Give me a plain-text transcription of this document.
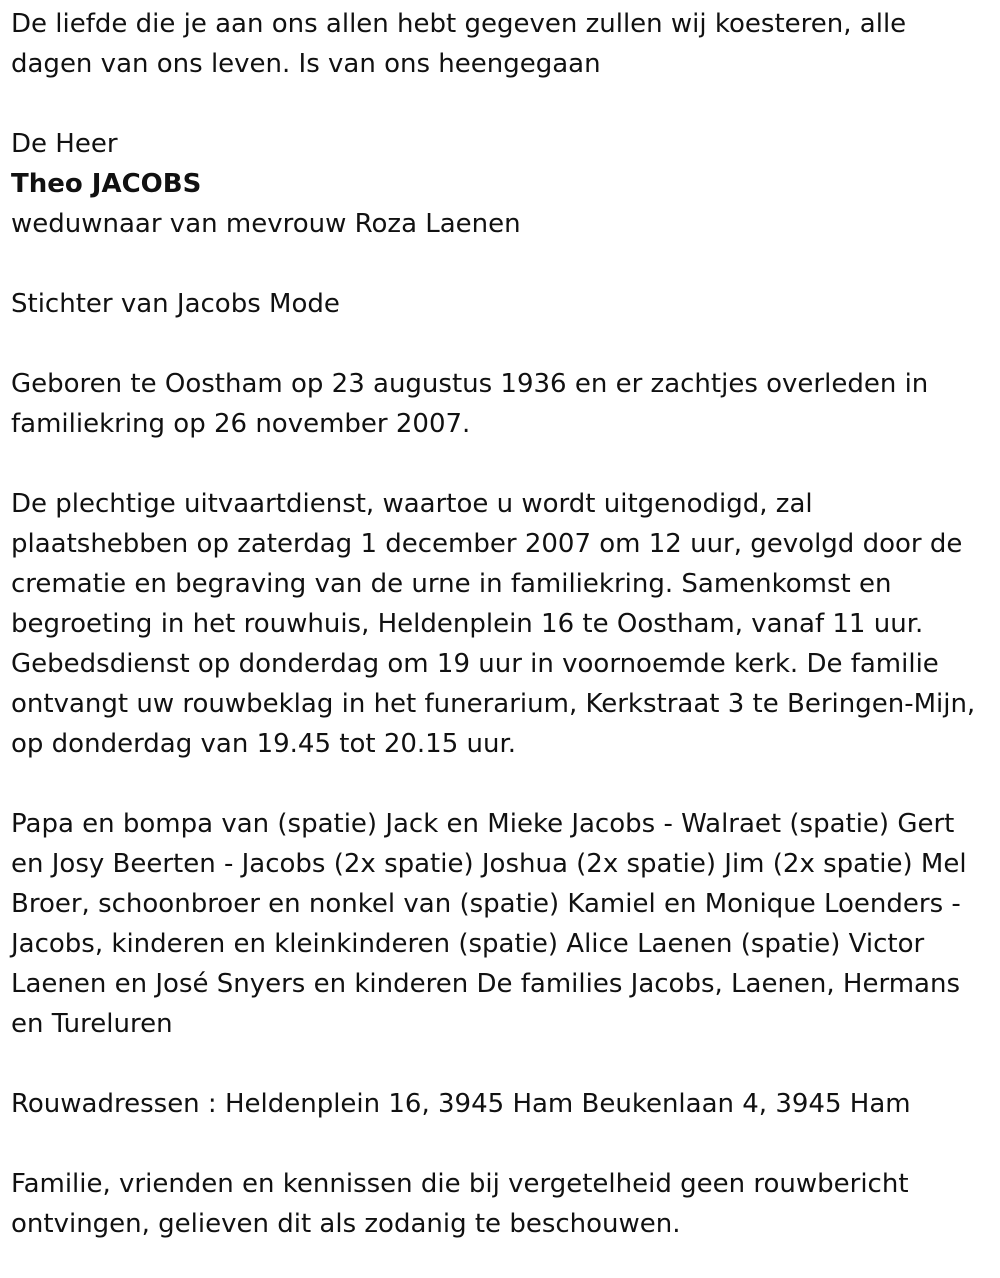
De liefde die je aan ons allen hebt gegeven zullen wij koesteren, alle dagen van ons leven. Is van ons heengegaan

De Heer

Theo JACOBS

weduwnaar van mevrouw Roza Laenen

Stichter van Jacobs Mode

Geboren te Oostham op 23 augustus 1936 en er zachtjes overleden in familiekring op 26 november 2007.

De plechtige uitvaartdienst, waartoe u wordt uitgenodigd, zal plaatshebben op zaterdag 1 december 2007 om 12 uur, gevolgd door de crematie en begraving van de urne in familiekring. Samenkomst en begroeting in het rouwhuis, Heldenplein 16 te Oostham, vanaf 11 uur. Gebedsdienst op donderdag om 19 uur in voornoemde kerk. De familie ontvangt uw rouwbeklag in het funerarium, Kerkstraat 3 te Beringen-Mijn, op donderdag van 19.45 tot 20.15 uur.

Papa en bompa van (spatie) Jack en Mieke Jacobs - Walraet (spatie) Gert en Josy Beerten - Jacobs (2x spatie) Joshua (2x spatie) Jim (2x spatie) Mel Broer, schoonbroer en nonkel van (spatie) Kamiel en Monique Loenders - Jacobs, kinderen en kleinkinderen (spatie) Alice Laenen (spatie) Victor Laenen en José Snyers en kinderen De families Jacobs, Laenen, Hermans en Tureluren

Rouwadressen : Heldenplein 16, 3945 Ham Beukenlaan 4, 3945 Ham

Familie, vrienden en kennissen die bij vergetelheid geen rouwbericht ontvingen, gelieven dit als zodanig te beschouwen.
